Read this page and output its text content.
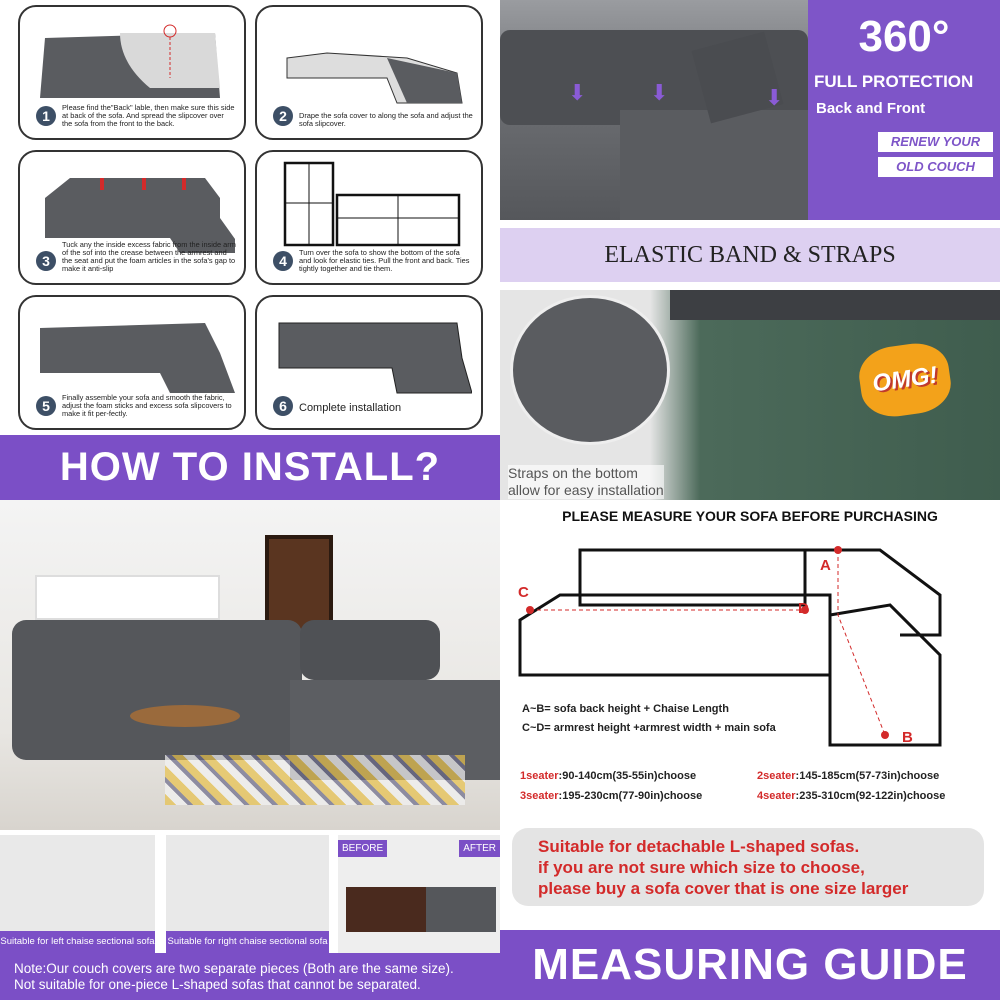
1
Please find the"Back" lable, then make sure this side at back of the sofa. And spread the slipcover over the sofa from the front to the back.	2	Drape the sofa cover to along the sofa and adjust the sofa slipcover.
3
Tuck any the inside excess fabric from the inside arm of the sof into the crease between the armrest and the seat and put the foam articles in the sofa's gap to make it anti-slip	4
Turn over the sofa to show the bottom of the sofa and look for elastic ties. Pull the front and back. Ties tightly together and tie them.
5
Finally assemble your sofa and smooth the fabric, adjust the foam sticks and excess sofa slipcovers to make it fit per-fectly.	6	Complete installation
HOW TO INSTALL?
⬇	⬇	⬇
360°
FULL PROTECTION
Back and Front
RENEW YOUR
OLD COUCH
ELASTIC BAND & STRAPS
OMG!
Straps on the bottom
allow for easy installation
Suitable for left chaise sectional sofa Suitable for right chaise sectional sofa
BEFORE	AFTER
Note:Our couch covers are two separate pieces (Both are the same size).
Not suitable for one-piece L-shaped sofas that cannot be separated.
PLEASE MEASURE YOUR SOFA BEFORE PURCHASING
A
B
C
D
A~B= sofa back height + Chaise Length
C~D= armrest height +armrest width + main sofa
1seater:90-140cm(35-55in)choose	2seater:145-185cm(57-73in)choose
3seater:195-230cm(77-90in)choose	4seater:235-310cm(92-122in)choose
Suitable for detachable L-shaped sofas.
if you are not sure which size to choose,
please buy a sofa cover that is one size larger
MEASURING GUIDE
